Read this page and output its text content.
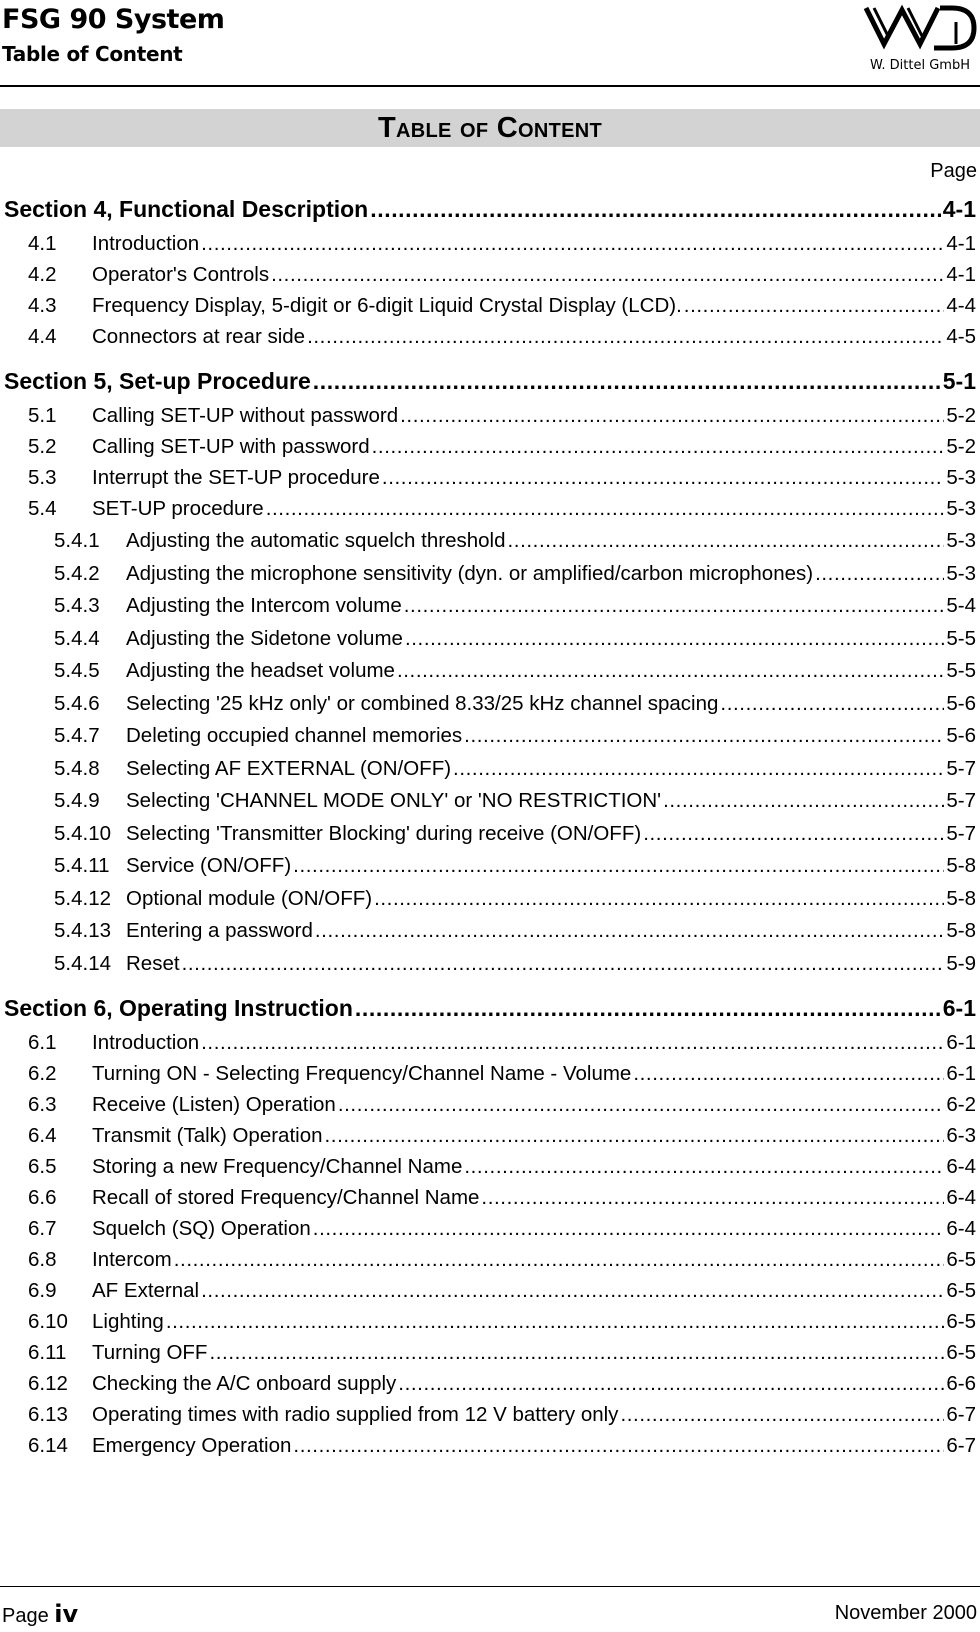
FSG 90 System
Table of Content	W. Dittel GmbH
Table of Content
Page
Section 4, Functional Description .....	4-1
4.1	Introduction .....	4-1
4.2	Operator's Controls .....	4-1
4.3	Frequency Display, 5-digit or 6-digit Liquid Crystal Display (LCD). .....	4-4
4.4	Connectors at rear side .....	4-5
Section 5, Set-up Procedure .....	5-1
5.1	Calling SET-UP without password .....	5-2
5.2	Calling SET-UP with password .....	5-2
5.3	Interrupt the SET-UP procedure .....	5-3
5.4	SET-UP procedure .....	5-3
5.4.1	Adjusting the automatic squelch threshold .....	5-3
5.4.2	Adjusting the microphone sensitivity (dyn. or amplified/carbon microphones) .....	5-3
5.4.3	Adjusting the Intercom volume .....	5-4
5.4.4	Adjusting the Sidetone volume .....	5-5
5.4.5	Adjusting the headset volume .....	5-5
5.4.6	Selecting '25 kHz only' or combined 8.33/25 kHz channel spacing .....	5-6
5.4.7	Deleting occupied channel memories .....	5-6
5.4.8	Selecting AF EXTERNAL (ON/OFF) .....	5-7
5.4.9	Selecting 'CHANNEL MODE ONLY' or 'NO RESTRICTION' .....	5-7
5.4.10 Selecting 'Transmitter Blocking' during receive (ON/OFF) .....	5-7
5.4.11 Service (ON/OFF) .....	5-8
5.4.12 Optional module (ON/OFF) .....	5-8
5.4.13 Entering a password .....	5-8
5.4.14 Reset .....	5-9
Section 6, Operating Instruction .....	6-1
6.1	Introduction .....	6-1
6.2	Turning ON - Selecting Frequency/Channel Name - Volume .....	6-1
6.3	Receive (Listen) Operation .....	6-2
6.4	Transmit (Talk) Operation .....	6-3
6.5	Storing a new Frequency/Channel Name .....	6-4
6.6	Recall of stored Frequency/Channel Name .....	6-4
6.7	Squelch (SQ) Operation .....	6-4
6.8	Intercom .....	6-5
6.9	AF External .....	6-5
6.10	Lighting .....	6-5
6.11	Turning OFF .....	6-5
6.12	Checking the A/C onboard supply .....	6-6
6.13	Operating times with radio supplied from 12 V battery only .....	6-7
6.14	Emergency Operation .....	6-7
Page iv	November 2000
